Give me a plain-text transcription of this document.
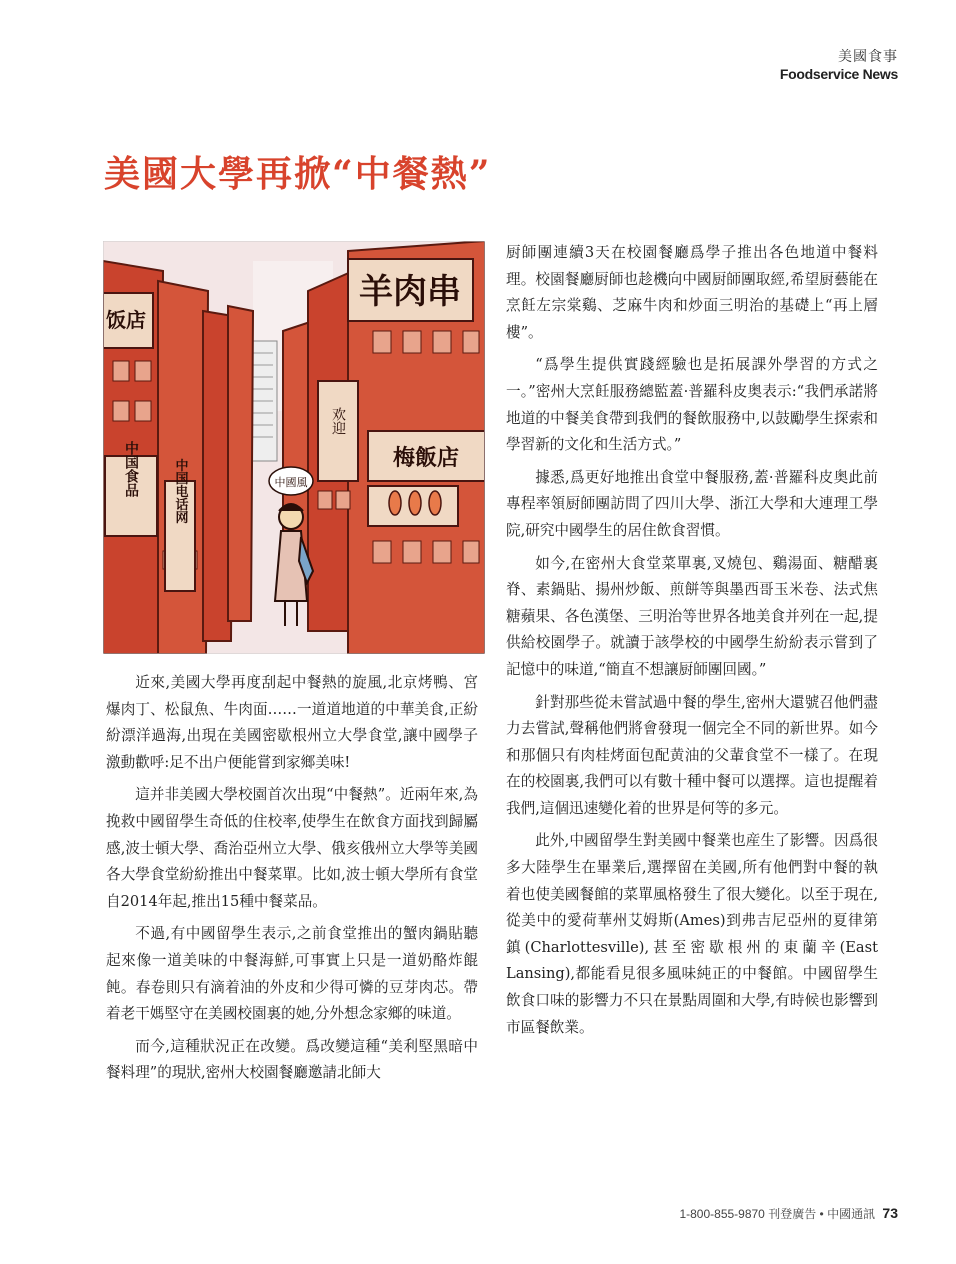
美國食事
Foodservice News
美國大學再掀“中餐熱”
羊肉串
饭店
欢迎
梅飯店
中国食品	中国电话网	中國風

近來,美國大學再度刮起中餐熱的旋風,北京烤鴨、宮爆肉丁、松鼠魚、牛肉面……一道道地道的中華美食,正紛紛漂洋過海,出現在美國密歇根州立大學食堂,讓中國學子激動歡呼:足不出户便能嘗到家鄉美味!

這并非美國大學校園首次出現“中餐熱”。近兩年來,為挽救中國留學生奇低的住校率,使學生在飲食方面找到歸屬感,波士頓大學、喬治亞州立大學、俄亥俄州立大學等美國各大學食堂紛紛推出中餐菜單。比如,波士頓大學所有食堂自2014年起,推出15種中餐菜品。

不過,有中國留學生表示,之前食堂推出的蟹肉鍋貼聽起來像一道美味的中餐海鮮,可事實上只是一道奶酪炸餛飩。春卷則只有滴着油的外皮和少得可憐的豆芽肉芯。帶着老干媽堅守在美國校園裏的她,分外想念家鄉的味道。

而今,這種狀況正在改變。爲改變這種“美利堅黑暗中餐料理”的現狀,密州大校園餐廳邀請北師大

厨師團連續3天在校園餐廳爲學子推出各色地道中餐料理。校園餐廳厨師也趁機向中國厨師團取經,希望厨藝能在烹飪左宗棠鷄、芝麻牛肉和炒面三明治的基礎上“再上層樓”。

“爲學生提供實踐經驗也是拓展課外學習的方式之一。”密州大烹飪服務總監蓋·普羅科皮奥表示:“我們承諾將地道的中餐美食帶到我們的餐飲服務中,以鼓勵學生探索和學習新的文化和生活方式。”

據悉,爲更好地推出食堂中餐服務,蓋·普羅科皮奥此前專程率領厨師團訪問了四川大學、浙江大學和大連理工學院,研究中國學生的居住飲食習慣。

如今,在密州大食堂菜單裏,叉燒包、鷄湯面、糖醋裏脊、素鍋貼、揚州炒飯、煎餅等與墨西哥玉米卷、法式焦糖蘋果、各色漢堡、三明治等世界各地美食并列在一起,提供給校園學子。就讀于該學校的中國學生紛紛表示嘗到了記憶中的味道,“簡直不想讓厨師團回國。”

針對那些從未嘗試過中餐的學生,密州大還號召他們盡力去嘗試,聲稱他們將會發現一個完全不同的新世界。如今和那個只有肉桂烤面包配黄油的父輩食堂不一樣了。在現在的校園裏,我們可以有數十種中餐可以選擇。這也提醒着我們,這個迅速變化着的世界是何等的多元。

此外,中國留學生對美國中餐業也産生了影響。因爲很多大陸學生在畢業后,選擇留在美國,所有他們對中餐的執着也使美國餐館的菜單風格發生了很大變化。以至于現在,從美中的愛荷華州艾姆斯(Ames)到弗吉尼亞州的夏律第鎮(Charlottesville),甚至密歇根州的東蘭辛(East Lansing),都能看見很多風味純正的中餐館。中國留學生飲食口味的影響力不只在景點周圍和大學,有時候也影響到市區餐飲業。

1-800-855-9870 刊登廣告 • 中國通訊 73
